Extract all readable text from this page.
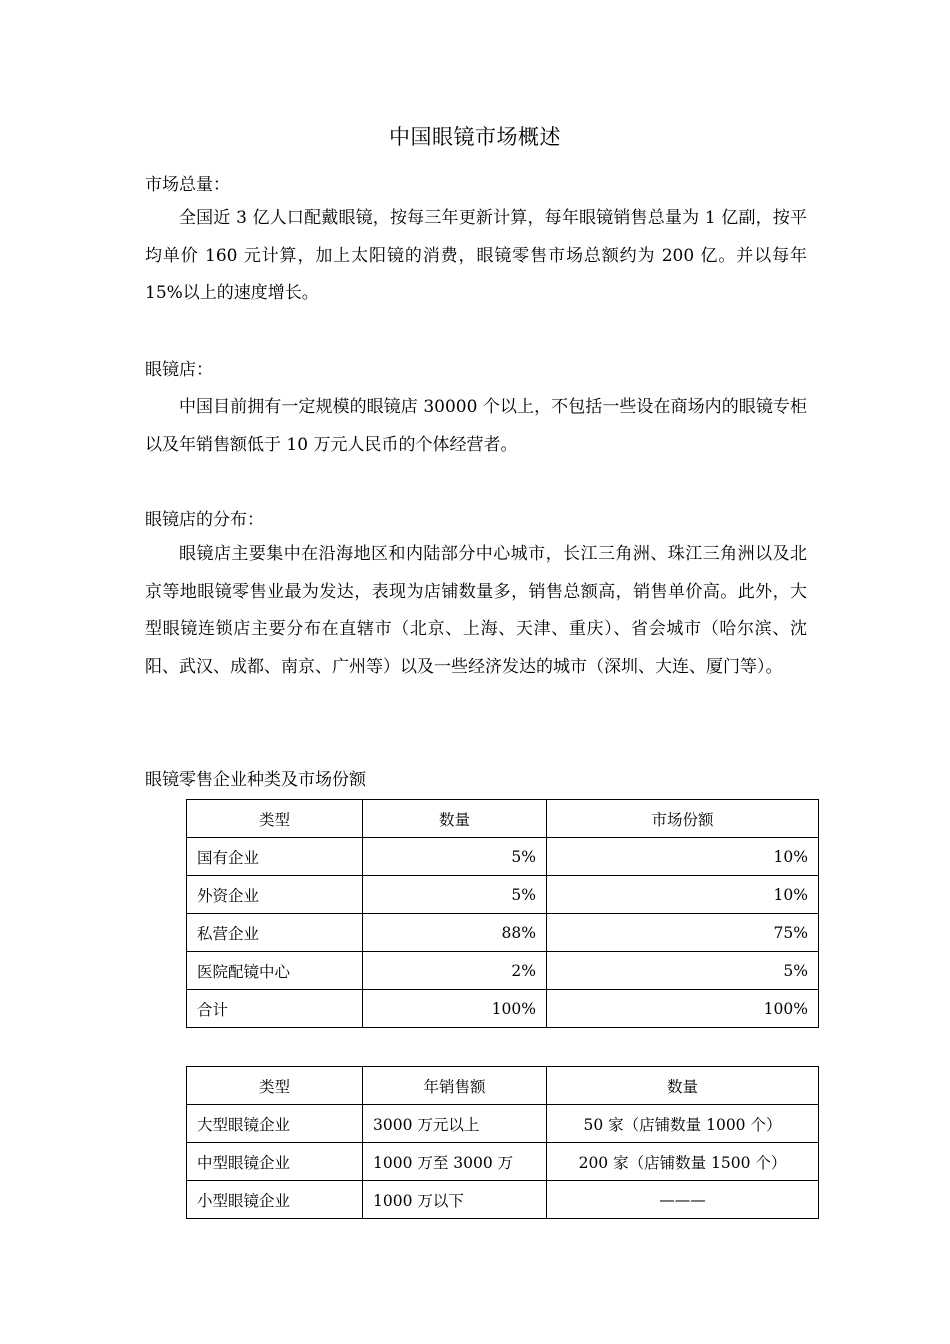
中国眼镜市场概述
市场总量：

全国近 3 亿人口配戴眼镜，按每三年更新计算，每年眼镜销售总量为 1 亿副，按平均单价 160 元计算，加上太阳镜的消费，眼镜零售市场总额约为 200 亿。并以每年 15%以上的速度增长。

眼镜店：

中国目前拥有一定规模的眼镜店 30000 个以上，不包括一些设在商场内的眼镜专柜以及年销售额低于 10 万元人民币的个体经营者。

眼镜店的分布：

眼镜店主要集中在沿海地区和内陆部分中心城市，长江三角洲、珠江三角洲以及北京等地眼镜零售业最为发达，表现为店铺数量多，销售总额高，销售单价高。此外，大型眼镜连锁店主要分布在直辖市（北京、上海、天津、重庆）、省会城市（哈尔滨、沈阳、武汉、成都、南京、广州等）以及一些经济发达的城市（深圳、大连、厦门等）。

眼镜零售企业种类及市场份额
类型	数量	市场份额
国有企业	5%	10%
外资企业	5%	10%
私营企业	88%	75%
医院配镜中心	2%	5%
合计	100%	100%
类型	年销售额	数量
大型眼镜企业	3000 万元以上	50 家（店铺数量 1000 个）
中型眼镜企业	1000 万至 3000 万	200 家（店铺数量 1500 个）
小型眼镜企业	1000 万以下	———
